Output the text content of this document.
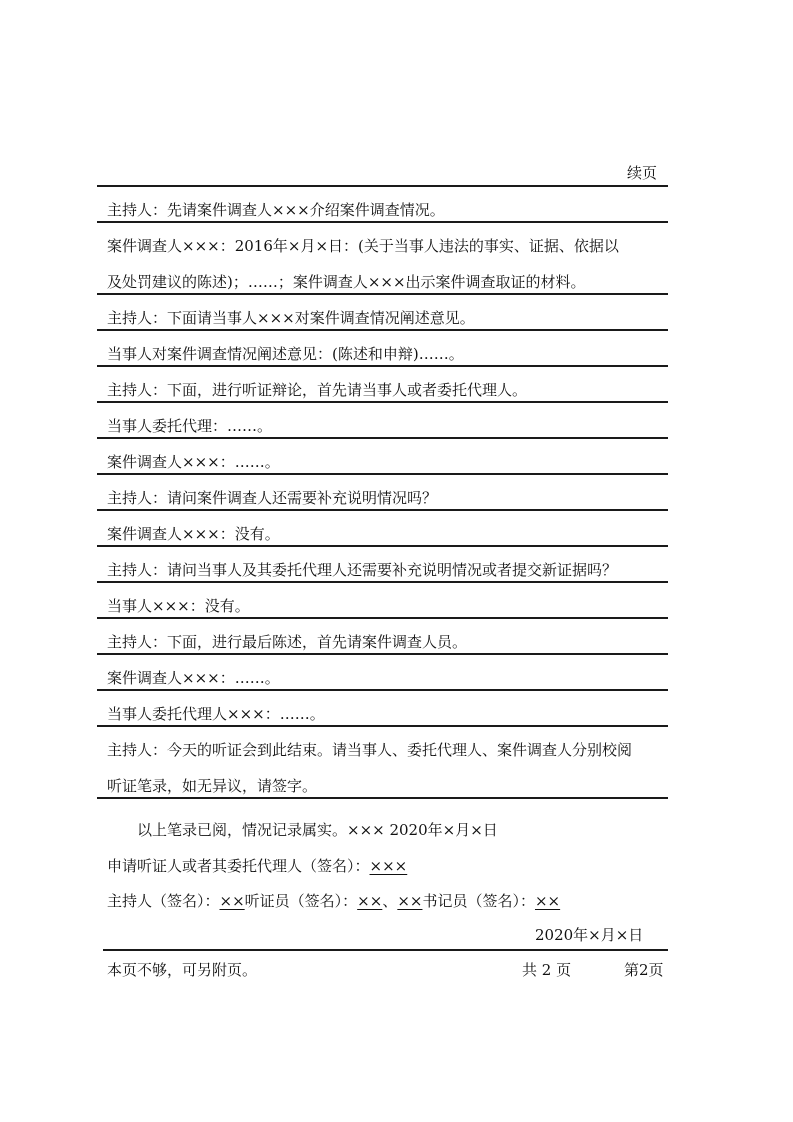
续页
主持人：先请案件调查人×××介绍案件调查情况。
案件调查人×××：2016年×月×日：(关于当事人违法的事实、证据、依据以
及处罚建议的陈述)；……；案件调查人×××出示案件调查取证的材料。
主持人：下面请当事人×××对案件调查情况阐述意见。
当事人对案件调查情况阐述意见：(陈述和申辩)……。
主持人：下面，进行听证辩论，首先请当事人或者委托代理人。
当事人委托代理：……。
案件调查人×××：……。
主持人：请问案件调查人还需要补充说明情况吗？
案件调查人×××：没有。
主持人：请问当事人及其委托代理人还需要补充说明情况或者提交新证据吗？
当事人×××：没有。
主持人：下面，进行最后陈述，首先请案件调查人员。
案件调查人×××：……。
当事人委托代理人×××：……。
主持人：今天的听证会到此结束。请当事人、委托代理人、案件调查人分别校阅
听证笔录，如无异议，请签字。
以上笔录已阅，情况记录属实。××× 2020年×月×日
申请听证人或者其委托代理人（签名）：×××
主持人（签名）：××听证员（签名）：××、××书记员（签名）：××
2020年×月×日
本页不够，可另附页。	共 2 页	第2页
